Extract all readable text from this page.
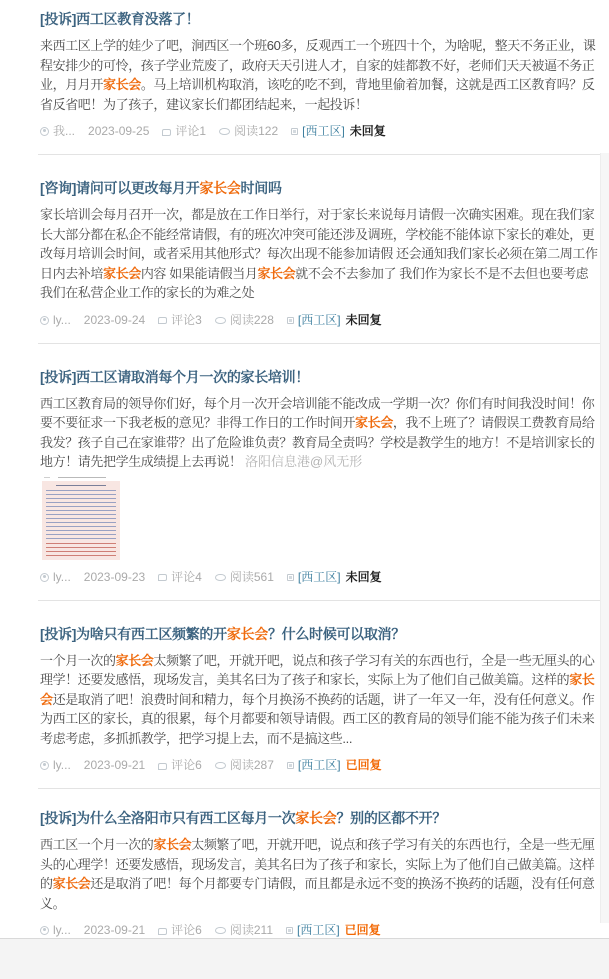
[投诉]西工区教育没落了！
来西工区上学的娃少了吧，涧西区一个班60多，反观西工一个班四十个，为啥呢，整天不务正业，课程安排少的可怜，孩子学业荒废了，政府天天引进人才，自家的娃都教不好，老师们天天被逼不务正业，月月开家长会。马上培训机构取消，该吃的吃不到，背地里偷着加餐，这就是西工区教育吗？反省反省吧！为了孩子，建议家长们都团结起来，一起投诉！
我... 2023-09-25 评论1 阅读122 [西工区] 未回复
[咨询]请问可以更改每月开家长会时间吗
家长培训会每月召开一次，都是放在工作日举行，对于家长来说每月请假一次确实困难。现在我们家长大部分都在私企不能经常请假，有的班次冲突可能还涉及调班，学校能不能体谅下家长的难处，更改每月培训会时间，或者采用其他形式？每次出现不能参加请假 还会通知我们家长必须在第二周工作日内去补培家长会内容 如果能请假当月家长会就不会不去参加了 我们作为家长不是不去但也要考虑我们在私营企业工作的家长的为难之处
ly... 2023-09-24 评论3 阅读228 [西工区] 未回复
[投诉]西工区请取消每个月一次的家长培训！
西工区教育局的领导你们好，每个月一次开会培训能不能改成一学期一次？你们有时间我没时间！你要不要征求一下我老板的意见？非得工作日的工作时间开家长会，我不上班了？请假误工费教育局给我发？孩子自己在家谁带？出了危险谁负责？教育局全责吗？学校是教学生的地方！不是培训家长的地方！请先把学生成绩提上去再说！ 洛阳信息港@风无形
ly... 2023-09-23 评论4 阅读561 [西工区] 未回复
[投诉]为啥只有西工区频繁的开家长会？什么时候可以取消？
一个月一次的家长会太频繁了吧，开就开吧，说点和孩子学习有关的东西也行，全是一些无厘头的心理学！还要发感悟，现场发言，美其名曰为了孩子和家长，实际上为了他们自己做美篇。这样的家长会还是取消了吧！浪费时间和精力，每个月换汤不换药的话题，讲了一年又一年，没有任何意义。作为西工区的家长，真的很累，每个月都要和领导请假。西工区的教育局的领导们能不能为孩子们未来考虑考虑，多抓抓教学，把学习提上去，而不是搞这些...
ly... 2023-09-21 评论6 阅读287 [西工区] 已回复
[投诉]为什么全洛阳市只有西工区每月一次家长会？别的区都不开？
西工区一个月一次的家长会太频繁了吧，开就开吧，说点和孩子学习有关的东西也行，全是一些无厘头的心理学！还要发感悟，现场发言，美其名曰为了孩子和家长，实际上为了他们自己做美篇。这样的家长会还是取消了吧！每个月都要专门请假，而且都是永远不变的换汤不换药的话题，没有任何意义。
ly... 2023-09-21 评论6 阅读211 [西工区] 已回复
